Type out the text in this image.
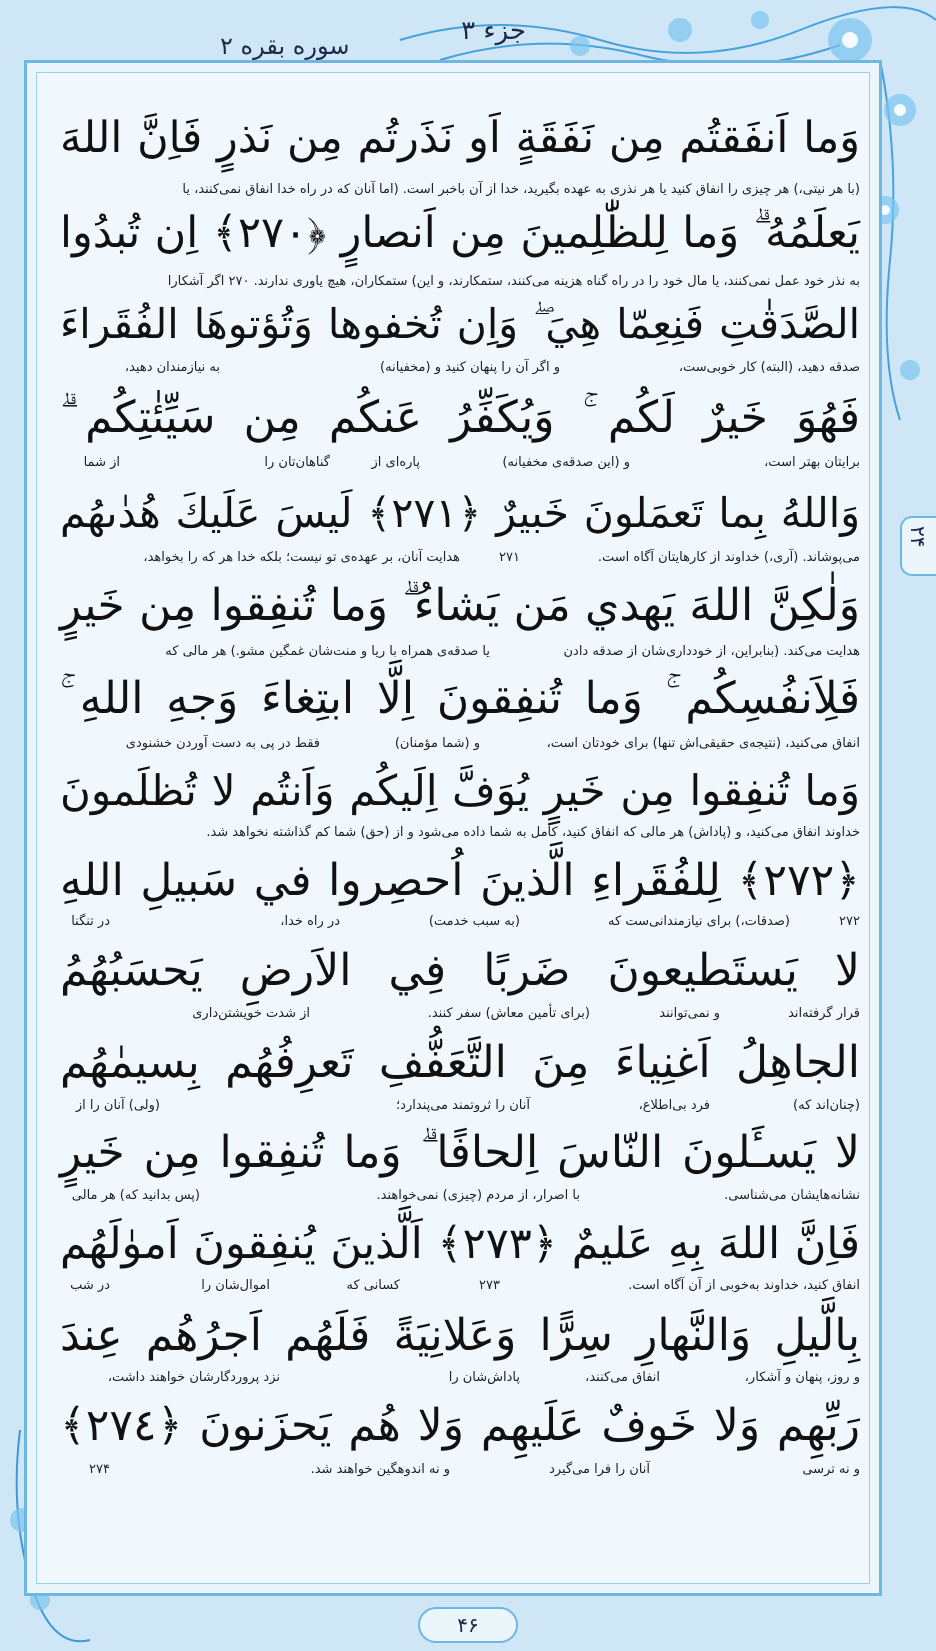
جزء ۳
سوره بقره ۲
۲۴
وَما اَنفَقتُم مِن نَفَقَةٍ اَو نَذَرتُم مِن نَذرٍ فَاِنَّ اللهَ
(با هر نیتی،) هر چیزی را انفاق کنید یا هر نذری به عهده بگیرید، خدا از آن باخبر است. (اما آنان که در راه خدا انفاق نمی‌کنند، یا
يَعلَمُهُ ۗ وَما لِلظّٰلِمينَ مِن اَنصارٍ ﴿٢٧٠﴾ اِن تُبدُوا
به نذر خود عمل نمی‌کنند، یا مال خود را در راه گناه هزینه می‌کنند، ستمکارند، و این) ستمکاران، هیچ یاوری ندارند. ۲۷۰ اگر آشکارا
الصَّدَقٰتِ فَنِعِمّا هِيَ ۖ وَاِن تُخفوها وَتُؤتوهَا الفُقَراءَ
صدقه دهید، (البته) کار خوبی‌ست،
و اگر آن را پنهان کنید و (مخفیانه)
به نیازمندان دهید،
فَهُوَ خَيرٌ لَكُم ۚ وَيُكَفِّرُ عَنكُم مِن سَيِّئٰتِكُم ۗ
برایتان بهتر است،
و (این صدقه‌ی مخفیانه)
پاره‌ای از
گناهان‌تان را
از شما
وَاللهُ بِما تَعمَلونَ خَبيرٌ ﴿٢٧١﴾ لَيسَ عَلَيكَ هُدٰىهُم
می‌پوشاند. (آری،) خداوند از کارهایتان آگاه است.
۲۷۱
هدایت آنان، بر عهده‌ی تو نیست؛ بلکه خدا هر که را بخواهد،
وَلٰكِنَّ اللهَ يَهدي مَن يَشاءُ ۗ وَما تُنفِقوا مِن خَيرٍ
هدایت می‌کند. (بنابراین، از خودداری‌شان از صدقه دادن
یا صدقه‌ی همراه با ریا و منت‌شان غمگین مشو.) هر مالی که
فَلِاَنفُسِكُم ۚ وَما تُنفِقونَ اِلَّا ابتِغاءَ وَجهِ اللهِ ۚ
انفاق می‌کنید، (نتیجه‌ی حقیقی‌اش تنها) برای خودتان است،
و (شما مؤمنان)
فقط در پی به دست آوردن خشنودی
وَما تُنفِقوا مِن خَيرٍ يُوَفَّ اِلَيكُم وَاَنتُم لا تُظلَمونَ
خداوند انفاق می‌کنید، و (پاداش) هر مالی که انفاق کنید، کامل به شما داده می‌شود و از (حق) شما کم گذاشته نخواهد شد.
﴿٢٧٢﴾ لِلفُقَراءِ الَّذينَ اُحصِروا في سَبيلِ اللهِ
۲۷۲
(صدقات،) برای نیازمندانی‌ست که
(به سبب خدمت)
در راه خدا،
در تنگنا
لا يَستَطيعونَ ضَربًا فِي الاَرضِ يَحسَبُهُمُ
قرار گرفته‌اند
و نمی‌توانند
(برای تأمین معاش) سفر کنند.
از شدت خویشتن‌داری
الجاهِلُ اَغنِياءَ مِنَ التَّعَفُّفِ تَعرِفُهُم بِسيمٰهُم
(چنان‌اند که)
فرد بی‌اطلاع،
آنان را ثروتمند می‌پندارد؛
(ولی) آنان را از
لا يَسـَٔلونَ النّاسَ اِلحافًا ۗ وَما تُنفِقوا مِن خَيرٍ
نشانه‌هایشان می‌شناسی.
با اصرار، از مردم (چیزی) نمی‌خواهند.
(پس بدانید که) هر مالی
فَاِنَّ اللهَ بِهِ عَليمٌ ﴿٢٧٣﴾ اَلَّذينَ يُنفِقونَ اَموٰلَهُم
انفاق کنید، خداوند به‌خوبی از آن آگاه است.
۲۷۳
کسانی که
اموال‌شان را
در شب
بِالَّيلِ وَالنَّهارِ سِرًّا وَعَلانِيَةً فَلَهُم اَجرُهُم عِندَ
و روز، پنهان و آشکار،
انفاق می‌کنند،
پاداش‌شان را
نزد پروردگارشان خواهند داشت،
رَبِّهِم وَلا خَوفٌ عَلَيهِم وَلا هُم يَحزَنونَ ﴿٢٧٤﴾
و نه ترسی
آنان را فرا می‌گیرد
و نه اندوهگین خواهند شد.
۲۷۴
۴۶
